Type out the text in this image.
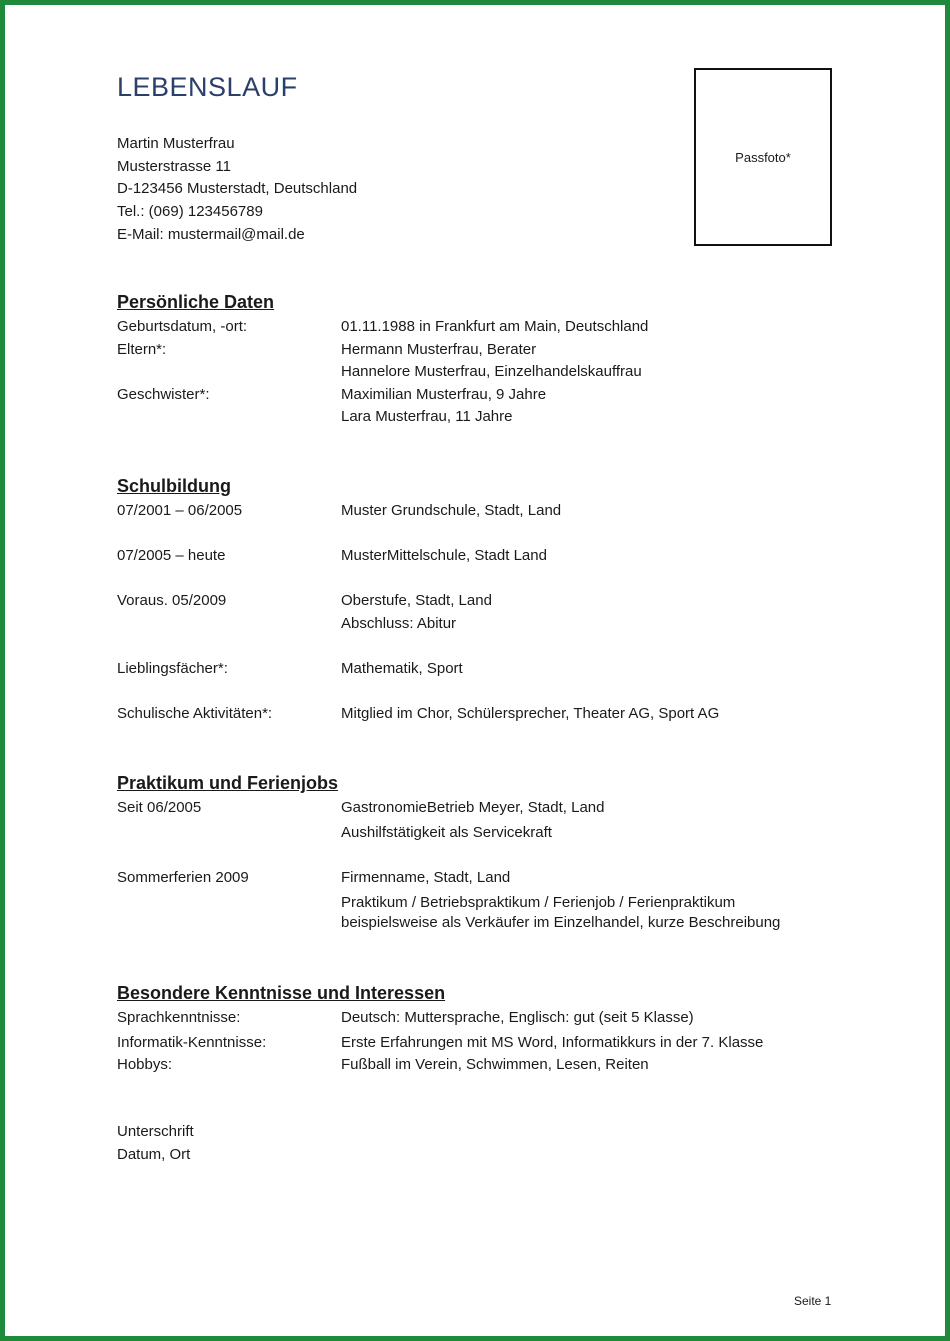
LEBENSLAUF
Martin Musterfrau
Musterstrasse 11
D-123456 Musterstadt, Deutschland
Tel.: (069) 123456789
E-Mail: mustermail@mail.de
Passfoto*
Persönliche Daten
Geburtsdatum, -ort:	01.11.1988 in Frankfurt am Main, Deutschland
Eltern*:	Hermann Musterfrau, Berater
Hannelore Musterfrau, Einzelhandelskauffrau
Geschwister*:	Maximilian Musterfrau, 9 Jahre
Lara Musterfrau, 11 Jahre
Schulbildung
07/2001 – 06/2005	Muster Grundschule, Stadt, Land
07/2005 – heute	MusterMittelschule, Stadt Land
Voraus. 05/2009	Oberstufe, Stadt, Land
Abschluss: Abitur
Lieblingsfächer*:	Mathematik, Sport
Schulische Aktivitäten*:	Mitglied im Chor, Schülersprecher, Theater AG, Sport AG
Praktikum und Ferienjobs
Seit 06/2005	GastronomieBetrieb Meyer, Stadt, Land
Aushilfstätigkeit als Servicekraft
Sommerferien 2009	Firmenname, Stadt, Land
Praktikum / Betriebspraktikum / Ferienjob / Ferienpraktikum
beispielsweise als Verkäufer im Einzelhandel, kurze Beschreibung
Besondere Kenntnisse und Interessen
Sprachkenntnisse:	Deutsch: Muttersprache, Englisch: gut (seit 5 Klasse)
Informatik-Kenntnisse:	Erste Erfahrungen mit MS Word, Informatikkurs in der 7. Klasse
Hobbys:	Fußball im Verein, Schwimmen, Lesen, Reiten
Unterschrift
Datum, Ort
Seite 1
